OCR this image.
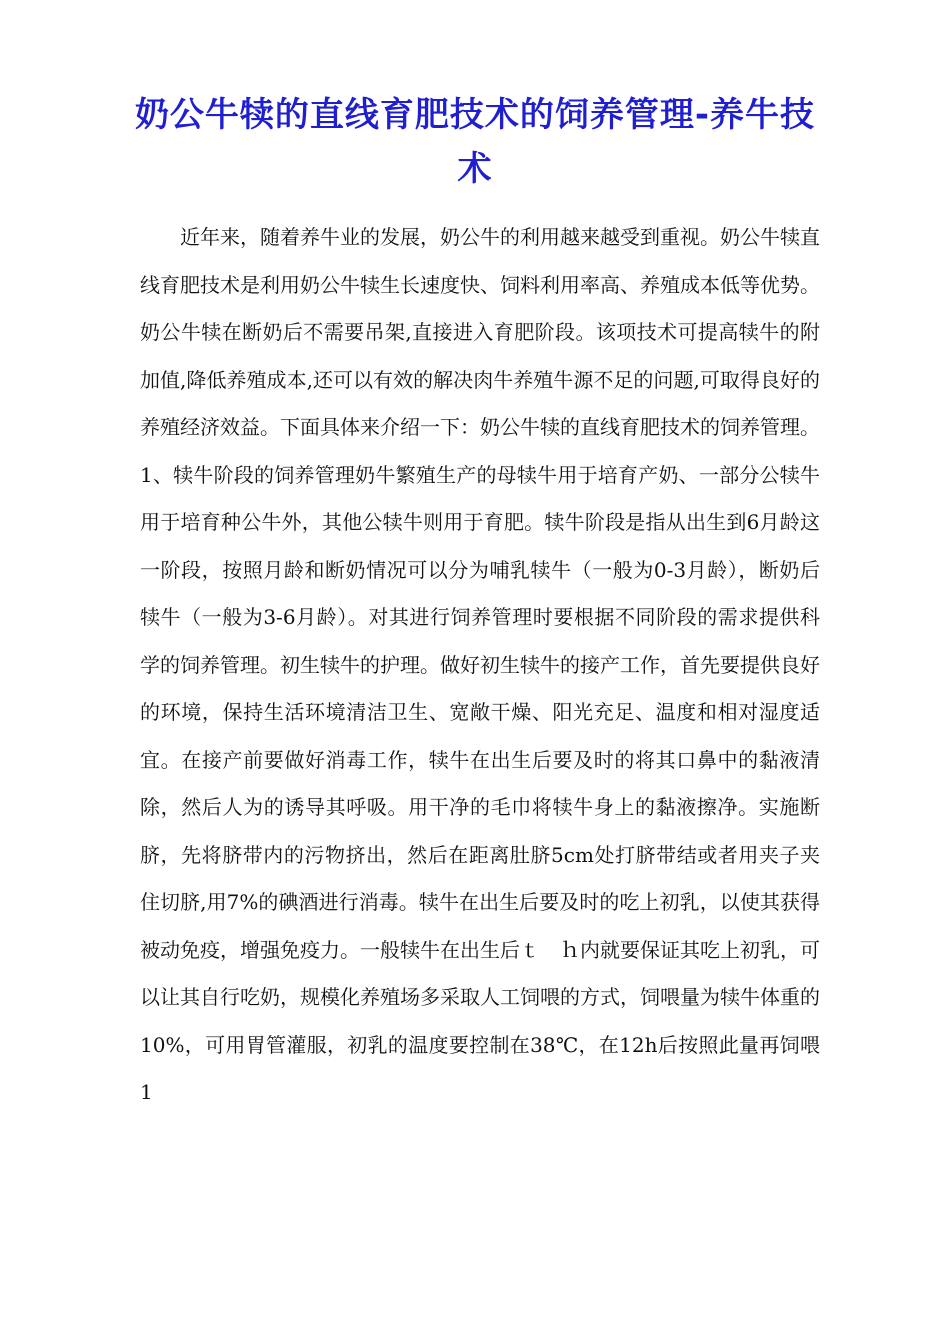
奶公牛犊的直线育肥技术的饲养管理-养牛技术

近年来，随着养牛业的发展，奶公牛的利用越来越受到重视。奶公牛犊直线育肥技术是利用奶公牛犊生长速度快、饲料利用率高、养殖成本低等优势。奶公牛犊在断奶后不需要吊架,直接进入育肥阶段。该项技术可提高犊牛的附加值,降低养殖成本,还可以有效的解决肉牛养殖牛源不足的问题,可取得良好的养殖经济效益。下面具体来介绍一下：奶公牛犊的直线育肥技术的饲养管理。1、犊牛阶段的饲养管理奶牛繁殖生产的母犊牛用于培育产奶、一部分公犊牛用于培育种公牛外，其他公犊牛则用于育肥。犊牛阶段是指从出生到6月龄这一阶段，按照月龄和断奶情况可以分为哺乳犊牛（一般为0-3月龄），断奶后犊牛（一般为3-6月龄）。对其进行饲养管理时要根据不同阶段的需求提供科学的饲养管理。初生犊牛的护理。做好初生犊牛的接产工作，首先要提供良好的环境，保持生活环境清洁卫生、宽敞干燥、阳光充足、温度和相对湿度适宜。在接产前要做好消毒工作，犊牛在出生后要及时的将其口鼻中的黏液清除，然后人为的诱导其呼吸。用干净的毛巾将犊牛身上的黏液擦净。实施断脐，先将脐带内的污物挤出，然后在距离肚脐5cm处打脐带结或者用夹子夹住切脐,用7%的碘酒进行消毒。犊牛在出生后要及时的吃上初乳，以使其获得被动免疫，增强免疫力。一般犊牛在出生后ｔ　ｈ内就要保证其吃上初乳，可以让其自行吃奶，规模化养殖场多采取人工饲喂的方式，饲喂量为犊牛体重的10%，可用胃管灌服，初乳的温度要控制在38℃，在12h后按照此量再饲喂1
